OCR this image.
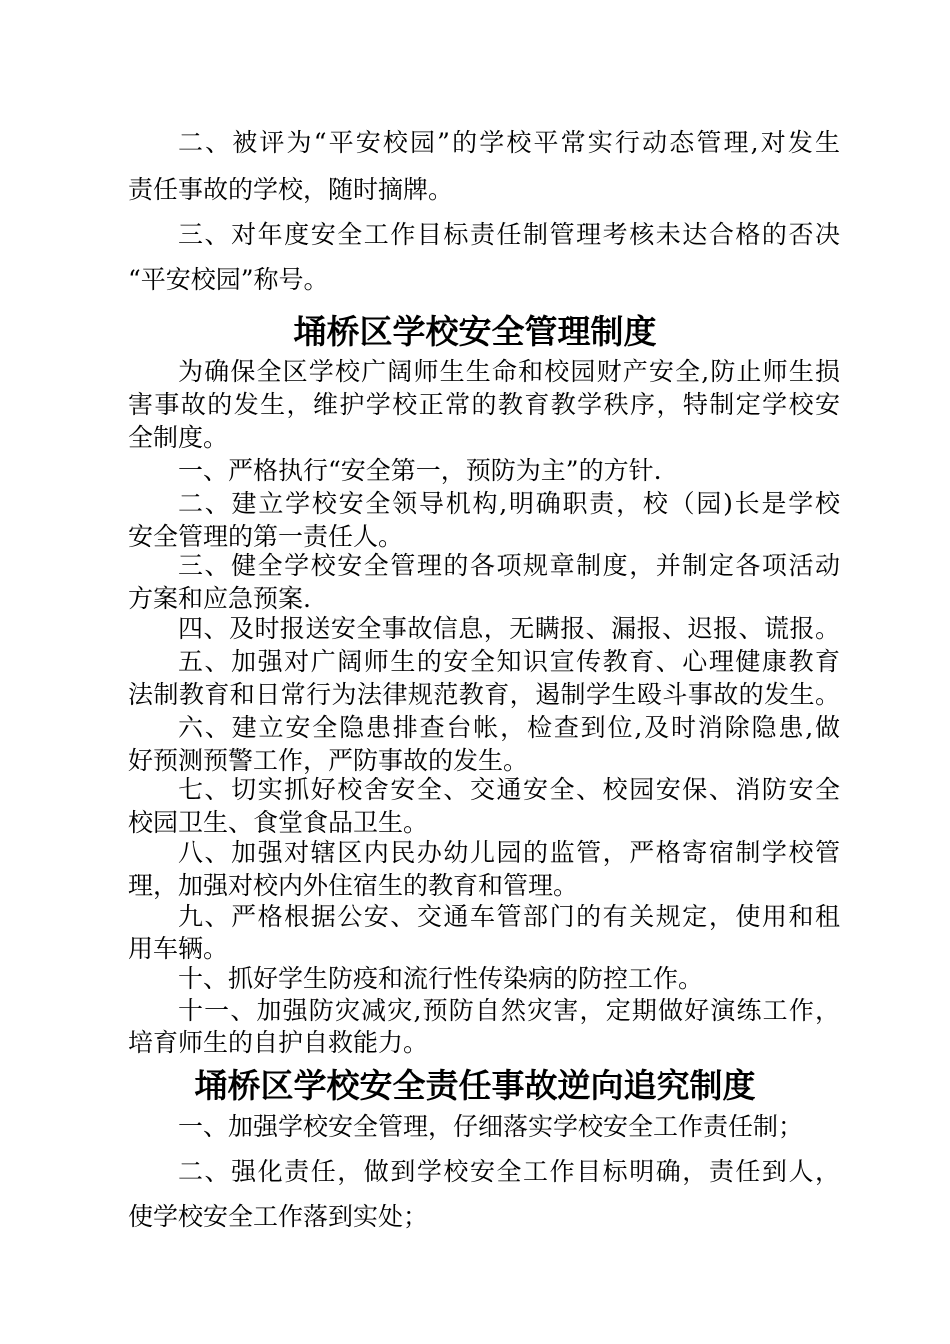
二、被评为“平安校园”的学校平常实行动态管理,对发生
责任事故的学校，随时摘牌。
三、对年度安全工作目标责任制管理考核未达合格的否决
“平安校园”称号。
埇桥区学校安全管理制度
为确保全区学校广阔师生生命和校园财产安全,防止师生损
害事故的发生，维护学校正常的教育教学秩序，特制定学校安
全制度。
一、严格执行“安全第一，预防为主”的方针.
二、建立学校安全领导机构,明确职责，校（园)长是学校
安全管理的第一责任人。
三、健全学校安全管理的各项规章制度，并制定各项活动
方案和应急预案.
四、及时报送安全事故信息，无瞒报、漏报、迟报、谎报。
五、加强对广阔师生的安全知识宣传教育、心理健康教育
法制教育和日常行为法律规范教育，遏制学生殴斗事故的发生。
六、建立安全隐患排查台帐，检查到位,及时消除隐患,做
好预测预警工作，严防事故的发生。
七、切实抓好校舍安全、交通安全、校园安保、消防安全
校园卫生、食堂食品卫生。
八、加强对辖区内民办幼儿园的监管，严格寄宿制学校管
理，加强对校内外住宿生的教育和管理。
九、严格根据公安、交通车管部门的有关规定，使用和租
用车辆。
十、抓好学生防疫和流行性传染病的防控工作。
十一、加强防灾减灾,预防自然灾害，定期做好演练工作，
培育师生的自护自救能力。
埇桥区学校安全责任事故逆向追究制度
一、加强学校安全管理，仔细落实学校安全工作责任制；
二、强化责任，做到学校安全工作目标明确，责任到人，
使学校安全工作落到实处；
